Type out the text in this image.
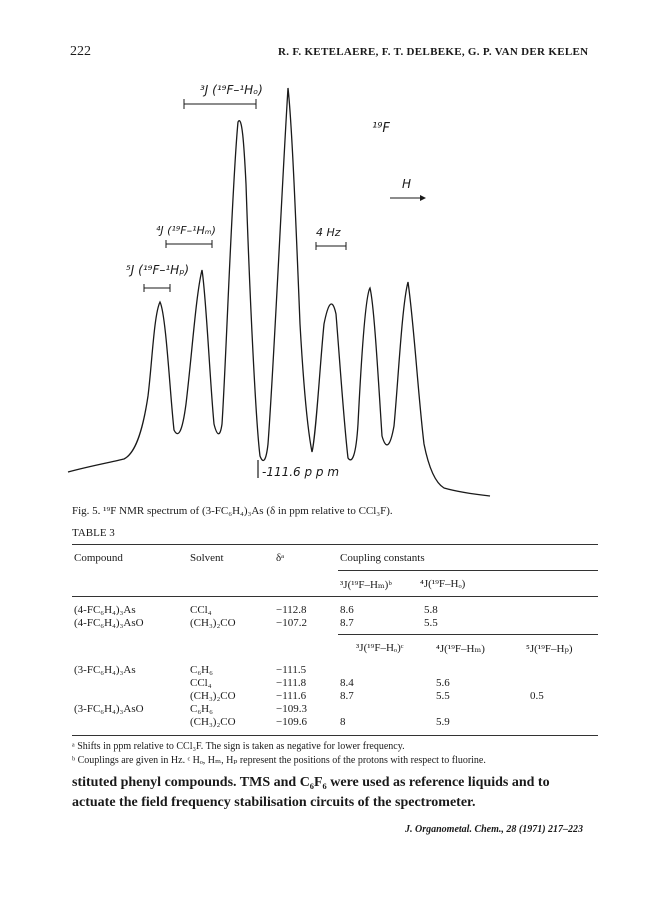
222	R. F. KETELAERE, F. T. DELBEKE, G. P. VAN DER KELEN
³J (¹⁹F–¹Hₒ)
¹⁹F
H
⁴J (¹⁹F–¹Hₘ)	4 Hz
⁵J (¹⁹F–¹Hₚ)
-111.6 p p m
Fig. 5. ¹⁹F NMR spectrum of (3-FC₆H₄)₃As (δ in ppm relative to CCl₃F).
TABLE 3
Compound	Solvent	δᵃ	Coupling constants
³J(¹⁹F–Hₘ)ᵇ	⁴J(¹⁹F–Hₒ)
(4-FC₆H₄)₃As	CCl₄	−112.8	8.6	5.8
(4-FC₆H₄)₃AsO	(CH₃)₂CO	−107.2	8.7	5.5
³J(¹⁹F–Hₒ)ᶜ	⁴J(¹⁹F–Hₘ)	⁵J(¹⁹F–Hₚ)
(3-FC₆H₄)₃As	C₆H₆	−111.5
CCl₄	−111.8	8.4	5.6
(CH₃)₂CO	−111.6	8.7	5.5	0.5
(3-FC₆H₄)₃AsO	C₆H₆	−109.3
(CH₃)₂CO	−109.6	8	5.9
ᵃ Shifts in ppm relative to CCl₃F. The sign is taken as negative for lower frequency.
ᵇ Couplings are given in Hz. ᶜ Hₒ, Hₘ, Hₚ represent the positions of the protons with respect to fluorine.
stituted phenyl compounds. TMS and C₆F₆ were used as reference liquids and to
actuate the field frequency stabilisation circuits of the spectrometer.
J. Organometal. Chem., 28 (1971) 217–223
